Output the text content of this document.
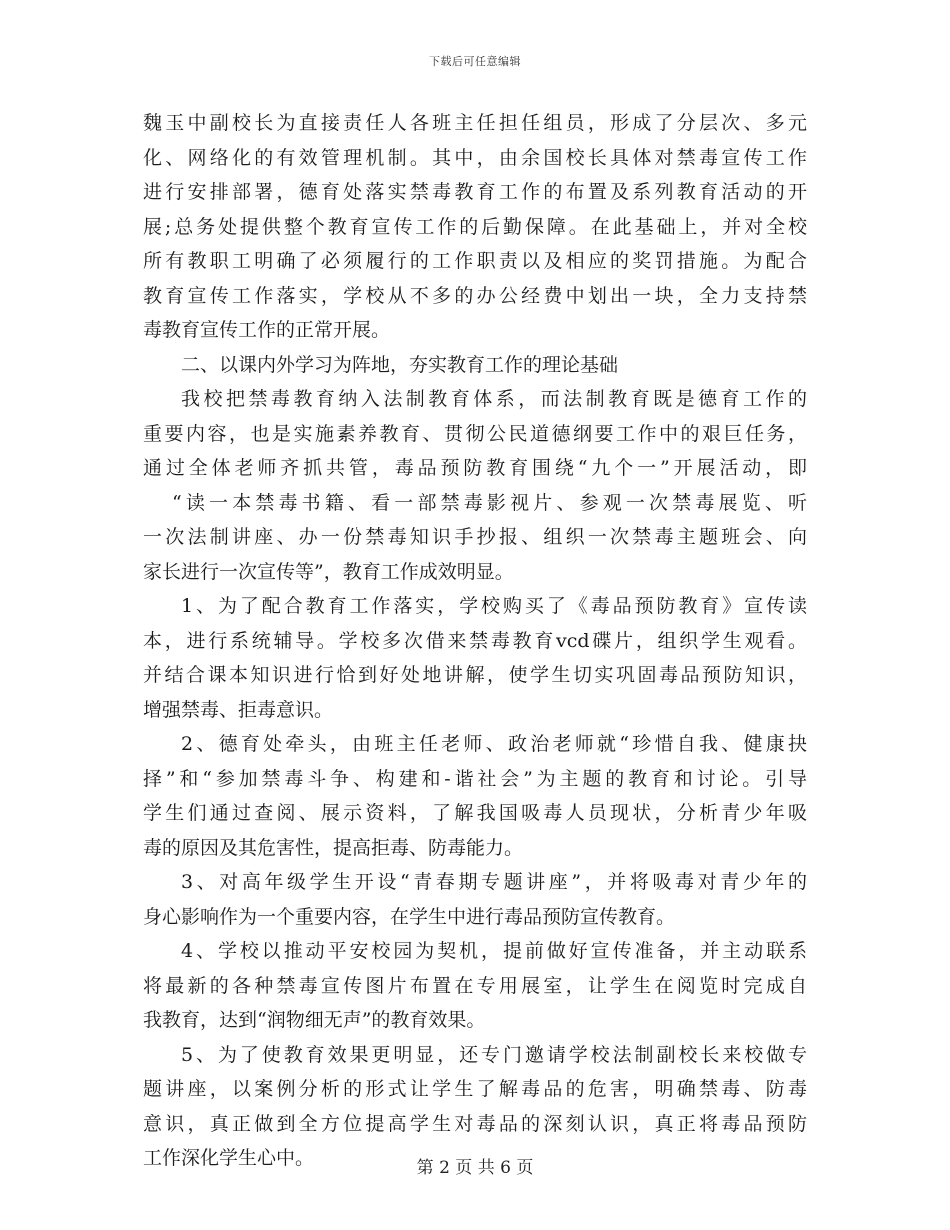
下载后可任意编辑
魏玉中副校长为直接责任人各班主任担任组员，形成了分层次、多元
化、网络化的有效管理机制。其中，由余国校长具体对禁毒宣传工作
进行安排部署，德育处落实禁毒教育工作的布置及系列教育活动的开
展;总务处提供整个教育宣传工作的后勤保障。在此基础上，并对全校
所有教职工明确了必须履行的工作职责以及相应的奖罚措施。为配合
教育宣传工作落实，学校从不多的办公经费中划出一块，全力支持禁
毒教育宣传工作的正常开展。
二、以课内外学习为阵地，夯实教育工作的理论基础
我校把禁毒教育纳入法制教育体系，而法制教育既是德育工作的
重要内容，也是实施素养教育、贯彻公民道德纲要工作中的艰巨任务，
通过全体老师齐抓共管，毒品预防教育围绕“九个一”开展活动，即
“读一本禁毒书籍、看一部禁毒影视片、参观一次禁毒展览、听
一次法制讲座、办一份禁毒知识手抄报、组织一次禁毒主题班会、向
家长进行一次宣传等”，教育工作成效明显。
1、为了配合教育工作落实，学校购买了《毒品预防教育》宣传读
本，进行系统辅导。学校多次借来禁毒教育vcd碟片，组织学生观看。
并结合课本知识进行恰到好处地讲解，使学生切实巩固毒品预防知识，
增强禁毒、拒毒意识。
2、德育处牵头，由班主任老师、政治老师就“珍惜自我、健康抉
择”和“参加禁毒斗争、构建和-谐社会”为主题的教育和讨论。引导
学生们通过查阅、展示资料，了解我国吸毒人员现状，分析青少年吸
毒的原因及其危害性，提高拒毒、防毒能力。
3、对高年级学生开设“青春期专题讲座”，并将吸毒对青少年的
身心影响作为一个重要内容，在学生中进行毒品预防宣传教育。
4、学校以推动平安校园为契机，提前做好宣传准备，并主动联系
将最新的各种禁毒宣传图片布置在专用展室，让学生在阅览时完成自
我教育，达到“润物细无声”的教育效果。
5、为了使教育效果更明显，还专门邀请学校法制副校长来校做专
题讲座，以案例分析的形式让学生了解毒品的危害，明确禁毒、防毒
意识，真正做到全方位提高学生对毒品的深刻认识，真正将毒品预防
工作深化学生心中。	第 2 页 共 6 页
